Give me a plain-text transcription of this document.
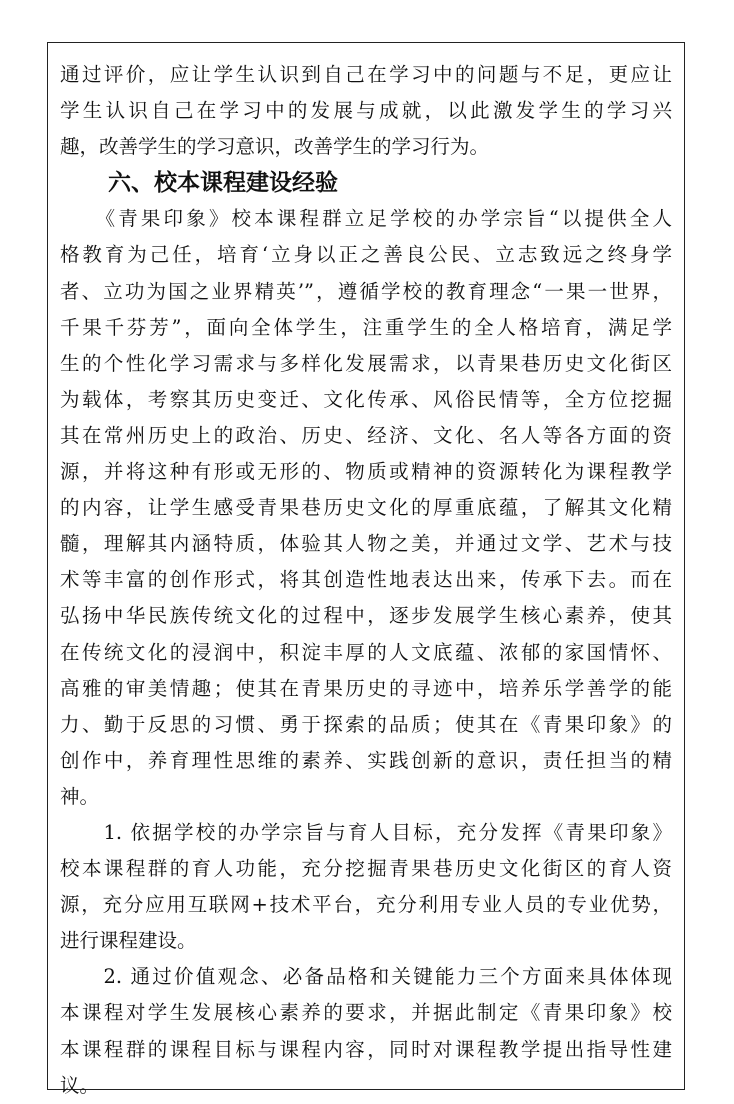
通过评价，应让学生认识到自己在学习中的问题与不足，更应让
学生认识自己在学习中的发展与成就，以此激发学生的学习兴
趣，改善学生的学习意识，改善学生的学习行为。
六、校本课程建设经验
　　《青果印象》校本课程群立足学校的办学宗旨“以提供全人
格教育为己任，培育‘立身以正之善良公民、立志致远之终身学
者、立功为国之业界精英’”，遵循学校的教育理念“一果一世界，
千果千芬芳”，面向全体学生，注重学生的全人格培育，满足学
生的个性化学习需求与多样化发展需求，以青果巷历史文化街区
为载体，考察其历史变迁、文化传承、风俗民情等，全方位挖掘
其在常州历史上的政治、历史、经济、文化、名人等各方面的资
源，并将这种有形或无形的、物质或精神的资源转化为课程教学
的内容，让学生感受青果巷历史文化的厚重底蕴，了解其文化精
髓，理解其内涵特质，体验其人物之美，并通过文学、艺术与技
术等丰富的创作形式，将其创造性地表达出来，传承下去。而在
弘扬中华民族传统文化的过程中，逐步发展学生核心素养，使其
在传统文化的浸润中，积淀丰厚的人文底蕴、浓郁的家国情怀、
高雅的审美情趣；使其在青果历史的寻迹中，培养乐学善学的能
力、勤于反思的习惯、勇于探索的品质；使其在《青果印象》的
创作中，养育理性思维的素养、实践创新的意识，责任担当的精
神。
　　1. 依据学校的办学宗旨与育人目标，充分发挥《青果印象》
校本课程群的育人功能，充分挖掘青果巷历史文化街区的育人资
源，充分应用互联网+技术平台，充分利用专业人员的专业优势，
进行课程建设。
　　2. 通过价值观念、必备品格和关键能力三个方面来具体体现
本课程对学生发展核心素养的要求，并据此制定《青果印象》校
本课程群的课程目标与课程内容，同时对课程教学提出指导性建
议。
